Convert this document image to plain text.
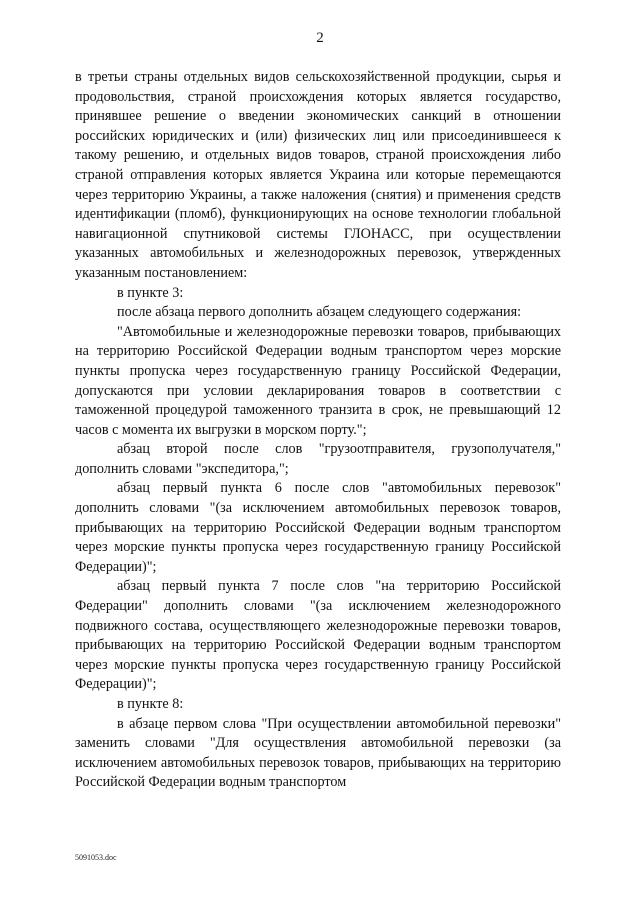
2

в третьи страны отдельных видов сельскохозяйственной продукции, сырья и продовольствия, страной происхождения которых является государство, принявшее решение о введении экономических санкций в отношении российских юридических и (или) физических лиц или присоединившееся к такому решению, и отдельных видов товаров, страной происхождения либо страной отправления которых является Украина или которые перемещаются через территорию Украины, а также наложения (снятия) и применения средств идентификации (пломб), функционирующих на основе технологии глобальной навигационной спутниковой системы ГЛОНАСС, при осуществлении указанных автомобильных и железнодорожных перевозок, утвержденных указанным постановлением:

в пункте 3:

после абзаца первого дополнить абзацем следующего содержания:

"Автомобильные и железнодорожные перевозки товаров, прибывающих на территорию Российской Федерации водным транспортом через морские пункты пропуска через государственную границу Российской Федерации, допускаются при условии декларирования товаров в соответствии с таможенной процедурой таможенного транзита в срок, не превышающий 12 часов с момента их выгрузки в морском порту.";

абзац второй после слов "грузоотправителя, грузополучателя," дополнить словами "экспедитора,";

абзац первый пункта 6 после слов "автомобильных перевозок" дополнить словами "(за исключением автомобильных перевозок товаров, прибывающих на территорию Российской Федерации водным транспортом через морские пункты пропуска через государственную границу Российской Федерации)";

абзац первый пункта 7 после слов "на территорию Российской Федерации" дополнить словами "(за исключением железнодорожного подвижного состава, осуществляющего железнодорожные перевозки товаров, прибывающих на территорию Российской Федерации водным транспортом через морские пункты пропуска через государственную границу Российской Федерации)";

в пункте 8:

в абзаце первом слова "При осуществлении автомобильной перевозки" заменить словами "Для осуществления автомобильной перевозки (за исключением автомобильных перевозок товаров, прибывающих на территорию Российской Федерации водным транспортом

5091053.doc
